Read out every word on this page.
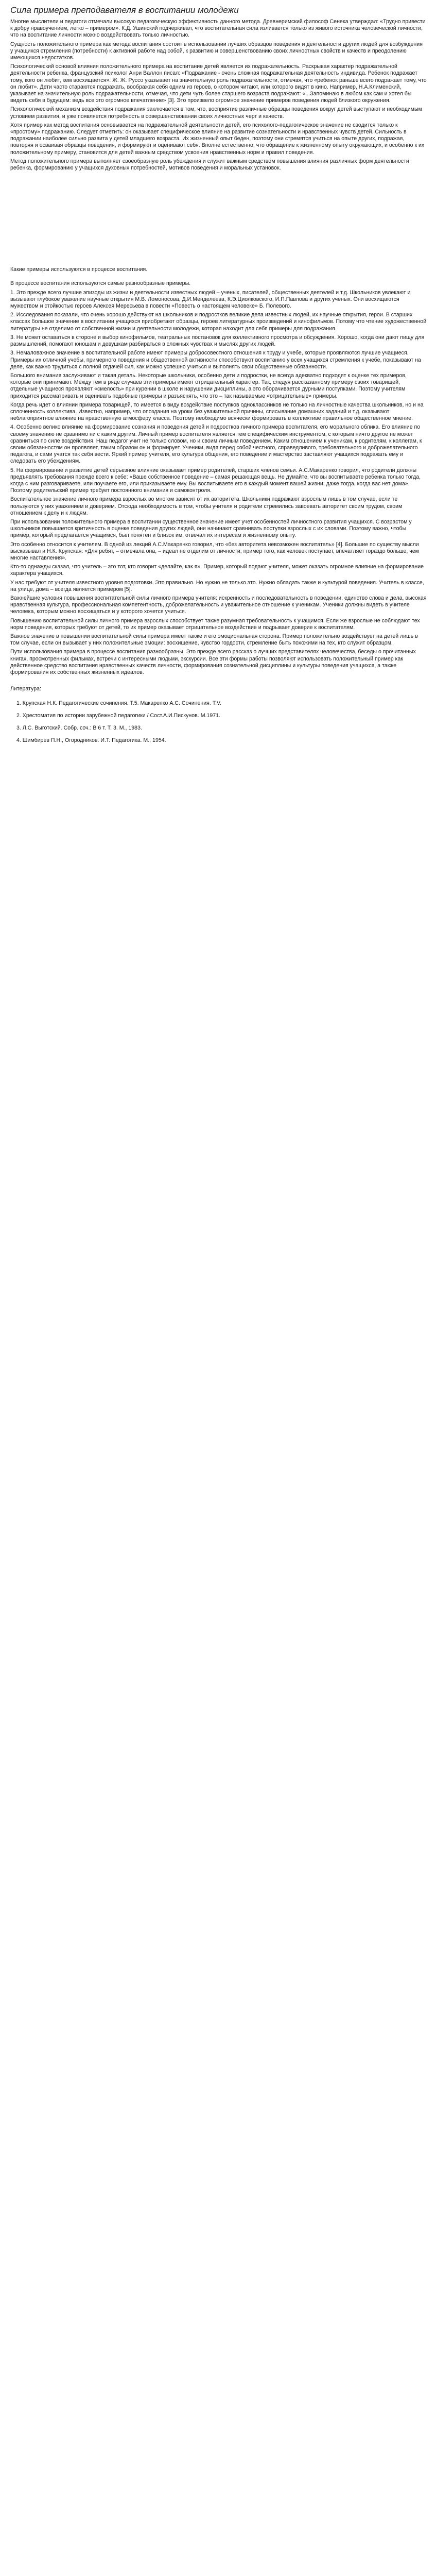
Сила примера преподавателя в воспитании молодежи

Многие мыслители и педагоги отмечали высокую педагогическую эффективность данного метода. Древнеримский философ Сенека утверждал: «Трудно привести к добру нравоучением, легко – примером». К.Д. Ушинский подчеркивал, что воспитательная сила изливается только из живого источника человеческой личности, что на воспитание личности можно воздействовать только личностью.

Сущность положительного примера как метода воспитания состоит в использовании лучших образцов поведения и деятельности других людей для возбуждения у учащихся стремления (потребности) к активной работе над собой, к развитию и совершенствованию своих личностных свойств и качеств и преодолению имеющихся недостатков.

Психологический основой влияния положительного примера на воспитание детей является их подражательность. Раскрывая характер подражательной деятельности ребенка, французский психолог Анри Валлон писал: «Подражание - очень сложная подражательная деятельность индивида. Ребенок подражает тому, кого он любит, кем восхищается». Ж. Ж. Руссо указывает на значительную роль подражательности, отмечая, что «ребенок раньше всего подражает тому, что он любит». Дети часто стараются подражать, воображая себя одним из героев, о котором читают, или которого видят в кино. Например, Н.А.Клименский, указывает на значительную роль подражательности, отмечая, что дети чуть более старшего возраста подражают: «...Запоминаю в любом как сам и хотел бы видеть себя в будущем: ведь все это огромное впечатление» [3]. Это произвело огромное значение примеров поведения людей близкого окружения.

Психологический механизм воздействия подражания заключается в том, что, восприятие различные образцы поведения вокруг детей выступают и необходимым условием развития, и уже появляется потребность в совершенствовании своих личностных черт и качеств.

Хотя пример как метод воспитания основывается на подражательной деятельности детей, его психолого-педагогическое значение не сводится только к «простому» подражанию. Следует отметить: он оказывает специфическое влияние на развитие сознательности и нравственных чувств детей. Сильность в подражании наиболее сильно развита у детей младшего возраста. Их жизненный опыт беден, поэтому они стремятся учиться на опыте других, подражая, повторяя и осваивая образцы поведения, и формируют и оценивают себя. Вполне естественно, что обращение к жизненному опыту окружающих, и особенно к их положительному примеру, становится для детей важным средством усвоения нравственных норм и правил поведения.

Метод положительного примера выполняет своеобразную роль убеждения и служит важным средством повышения влияния различных форм деятельности ребенка, формированию у учащихся духовных потребностей, мотивов поведения и моральных установок.

Какие примеры используются в процессе воспитания.

В процессе воспитания используются самые разнообразные примеры.

1. Это прежде всего лучшие эпизоды из жизни и деятельности известных людей – ученых, писателей, общественных деятелей и т.д. Школьников увлекают и вызывают глубокое уважение научные открытия М.В. Ломоносова, Д.И.Менделеева, К.Э.Циолковского, И.П.Павлова и других ученых. Они восхищаются мужеством и стойкостью героев Алексея Мересьева в повести «Повесть о настоящем человеке» Б. Полевого.

2. Исследования показали, что очень хорошо действуют на школьников и подростков великие дела известных людей, их научные открытия, герои. В старших классах большое значение в воспитании учащихся приобретают образцы, героев литературных произведений и кинофильмов. Потому что чтение художественной литературы не отделимо от собственной жизни и деятельности молодежи, которая находит для себя примеры для подражания.

3. Не может оставаться в стороне и выбор кинофильмов, театральных постановок для коллективного просмотра и обсуждения. Хорошо, когда они дают пищу для размышлений, помогают юношам и девушкам разбираться в сложных чувствах и мыслях других людей.

3. Немаловажное значение в воспитательной работе имеют примеры добросовестного отношения к труду и учебе, которые проявляются лучшие учащиеся. Примеры их отличной учебы, примерного поведения и общественной активности способствуют воспитанию у всех учащихся стремления к учебе, показывают на деле, как важно трудиться с полной отдачей сил, как можно успешно учиться и выполнять свои общественные обязанности.

Большого внимания заслуживают и такая деталь. Некоторые школьники, особенно дети и подростки, не всегда адекватно подходят к оценке тех примеров, которые они принимают. Между тем в ряде случаев эти примеры имеют отрицательный характер. Так, следуя рассказанному примеру своих товарищей, отдельные учащиеся проявляют «смелость» при курении в школе и нарушении дисциплины, а это оборачивается дурными поступками. Поэтому учителям приходится рассматривать и оценивать подобные примеры и разъяснять, что это – так называемые «отрицательные» примеры.

Когда речь идет о влиянии примера товарищей, то имеется в виду воздействие поступков одноклассников не только на личностные качества школьников, но и на сплоченность коллектива. Известно, например, что опоздания на уроки без уважительной причины, списывание домашних заданий и т.д. оказывают неблагоприятное влияние на нравственную атмосферу класса. Поэтому необходимо всячески формировать в коллективе правильное общественное мнение.

4. Особенно велико влияние на формирование сознания и поведения детей и подростков личного примера воспитателя, его морального облика. Его влияние по своему значению не сравнимо ни с каким другим. Личный пример воспитателя является тем специфическим инструментом, с которым ничто другое не может сравниться по силе воздействия. Наш педагог учит не только словом, но и своим личным поведением. Каким отношением к ученикам, к родителям, к коллегам, к своим обязанностям он проявляет, таким образом он и формирует. Ученики, видя перед собой честного, справедливого, требовательного и доброжелательного педагога, и сами учатся так себя вести. Яркий пример учителя, его культура общения, его поведение и мастерство заставляют учащихся подражать ему и следовать его убеждениям.

5. На формирование и развитие детей серьезное влияние оказывает пример родителей, старших членов семьи. А.С.Макаренко говорил, что родители должны предъявлять требования прежде всего к себе: «Ваше собственное поведение – самая решающая вещь. Не думайте, что вы воспитываете ребенка только тогда, когда с ним разговариваете, или поучаете его, или приказываете ему. Вы воспитываете его в каждый момент вашей жизни, даже тогда, когда вас нет дома». Поэтому родительский пример требует постоянного внимания и самоконтроля.

Воспитательное значение личного примера взрослых во многом зависит от их авторитета. Школьники подражают взрослым лишь в том случае, если те пользуются у них уважением и доверием. Отсюда необходимость в том, чтобы учителя и родители стремились завоевать авторитет своим трудом, своим отношением к делу и к людям.

При использовании положительного примера в воспитании существенное значение имеет учет особенностей личностного развития учащихся. С возрастом у школьников повышается критичность в оценке поведения других людей, они начинают сравнивать поступки взрослых с их словами. Поэтому важно, чтобы пример, который предлагается учащимся, был понятен и близок им, отвечал их интересам и жизненному опыту.

Это особенно относится к учителям. В одной из лекций А.С.Макаренко говорил, что «без авторитета невозможен воспитатель» [4]. Большие по существу мысли высказывал и Н.К. Крупская: «Для ребят, – отмечала она, – идеал не отделим от личности; пример того, как человек поступает, впечатляет гораздо больше, чем многие наставления».

Кто-то однажды сказал, что учитель – это тот, кто говорит «делайте, как я». Пример, который подают учителя, может оказать огромное влияние на формирование характера учащихся.

У нас требуют от учителя известного уровня подготовки. Это правильно. Но нужно не только это. Нужно обладать также и культурой поведения. Учитель в классе, на улице, дома – всегда является примером [5].

Важнейшие условия повышения воспитательной силы личного примера учителя: искренность и последовательность в поведении, единство слова и дела, высокая нравственная культура, профессиональная компетентность, доброжелательность и уважительное отношение к ученикам. Ученики должны видеть в учителе человека, которым можно восхищаться и у которого хочется учиться.

Повышению воспитательной силы личного примера взрослых способствует также разумная требовательность к учащимся. Если же взрослые не соблюдают тех норм поведения, которых требуют от детей, то их пример оказывает отрицательное воздействие и подрывает доверие к воспитателям.

Важное значение в повышении воспитательной силы примера имеет также и его эмоциональная сторона. Пример положительно воздействует на детей лишь в том случае, если он вызывает у них положительные эмоции: восхищение, чувство гордости, стремление быть похожими на тех, кто служит образцом.

Пути использования примера в процессе воспитания разнообразны. Это прежде всего рассказ о лучших представителях человечества, беседы о прочитанных книгах, просмотренных фильмах, встречи с интересными людьми, экскурсии. Все эти формы работы позволяют использовать положительный пример как действенное средство воспитания нравственных качеств личности, формирования сознательной дисциплины и культуры поведения учащихся, а также формирования их собственных жизненных идеалов.

Литература:

1. Крупская Н.К. Педагогические сочинения. Т.5. Макаренко А.С. Сочинения. Т.V.

2. Хрестоматия по истории зарубежной педагогики / Сост.А.И.Пискунов. М.1971.

3. Л.С. Выготский. Собр. соч.: В 6 т. Т. 3. М., 1983.

4. Шимбирев П.Н., Огородников. И.Т. Педагогика. М., 1954.
